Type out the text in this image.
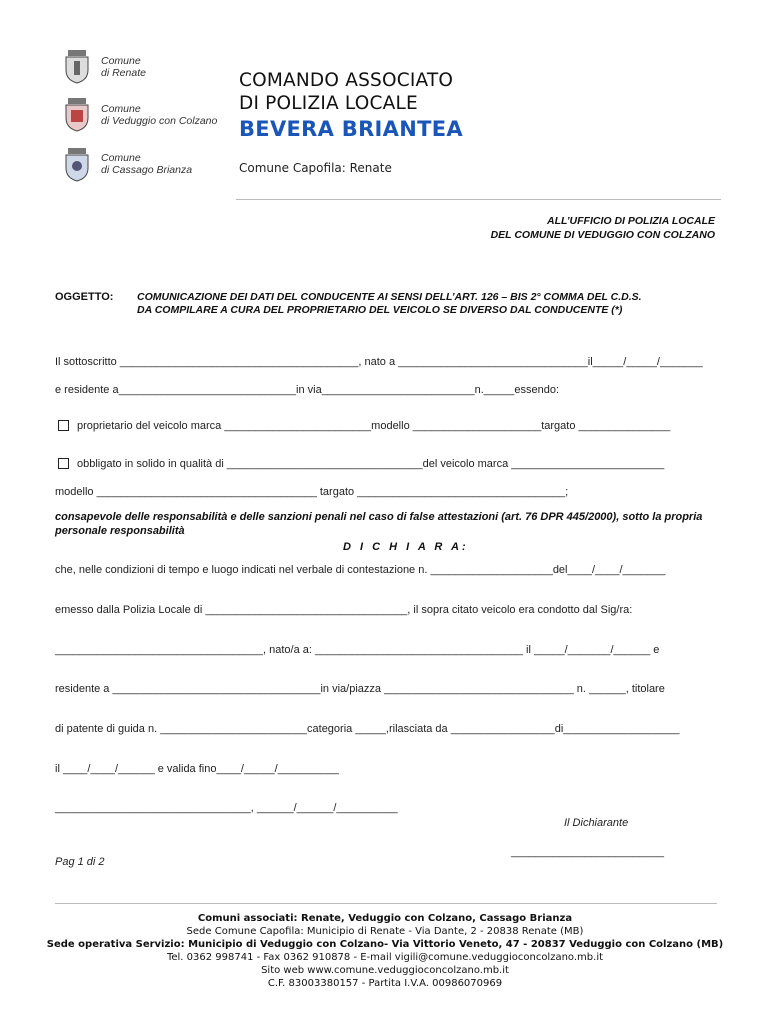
Comune
di Renate
Comune
di Veduggio con Colzano
Comune
di Cassago Brianza
COMANDO ASSOCIATO
DI POLIZIA LOCALE
BEVERA BRIANTEA
Comune Capofila: Renate
ALL’UFFICIO DI POLIZIA LOCALE
DEL COMUNE DI VEDUGGIO CON COLZANO
OGGETTO: COMUNICAZIONE DEI DATI DEL CONDUCENTE AI SENSI DELL’ART. 126 – BIS 2° COMMA DEL C.D.S.
DA COMPILARE A CURA DEL PROPRIETARIO DEL VEICOLO SE DIVERSO DAL CONDUCENTE (*)
Il sottoscritto _______________________________________, nato a _______________________________il_____/_____/_______
e residente a_____________________________in via_________________________n._____essendo:
proprietario del veicolo marca ________________________modello _____________________targato _______________
obbligato in solido in qualità di ________________________________del veicolo marca _________________________
modello ____________________________________ targato __________________________________;
consapevole delle responsabilità e delle sanzioni penali nel caso di false attestazioni (art. 76 DPR 445/2000), sotto la propria personale responsabilità
D I C H I A R A:
che, nelle condizioni di tempo e luogo indicati nel verbale di contestazione n. ____________________del____/____/_______
emesso dalla Polizia Locale di _________________________________, il sopra citato veicolo era condotto dal Sig/ra:
__________________________________, nato/a a: __________________________________ il _____/_______/______ e
residente a __________________________________in via/piazza _______________________________ n. ______, titolare
di patente di guida n. ________________________categoria _____,rilasciata da _________________di___________________
il ____/____/______ e valida fino____/_____/__________
________________________________, ______/______/__________
Il Dichiarante
_________________________
Pag 1 di 2
Comuni associati: Renate, Veduggio con Colzano, Cassago Brianza
Sede Comune Capofila: Municipio di Renate - Via Dante, 2 - 20838 Renate (MB)
Sede operativa Servizio: Municipio di Veduggio con Colzano- Via Vittorio Veneto, 47 - 20837 Veduggio con Colzano (MB)
Tel. 0362 998741 - Fax 0362 910878 - E-mail vigili@comune.veduggioconcolzano.mb.it
Sito web www.comune.veduggioconcolzano.mb.it
C.F. 83003380157 - Partita I.V.A. 00986070969
